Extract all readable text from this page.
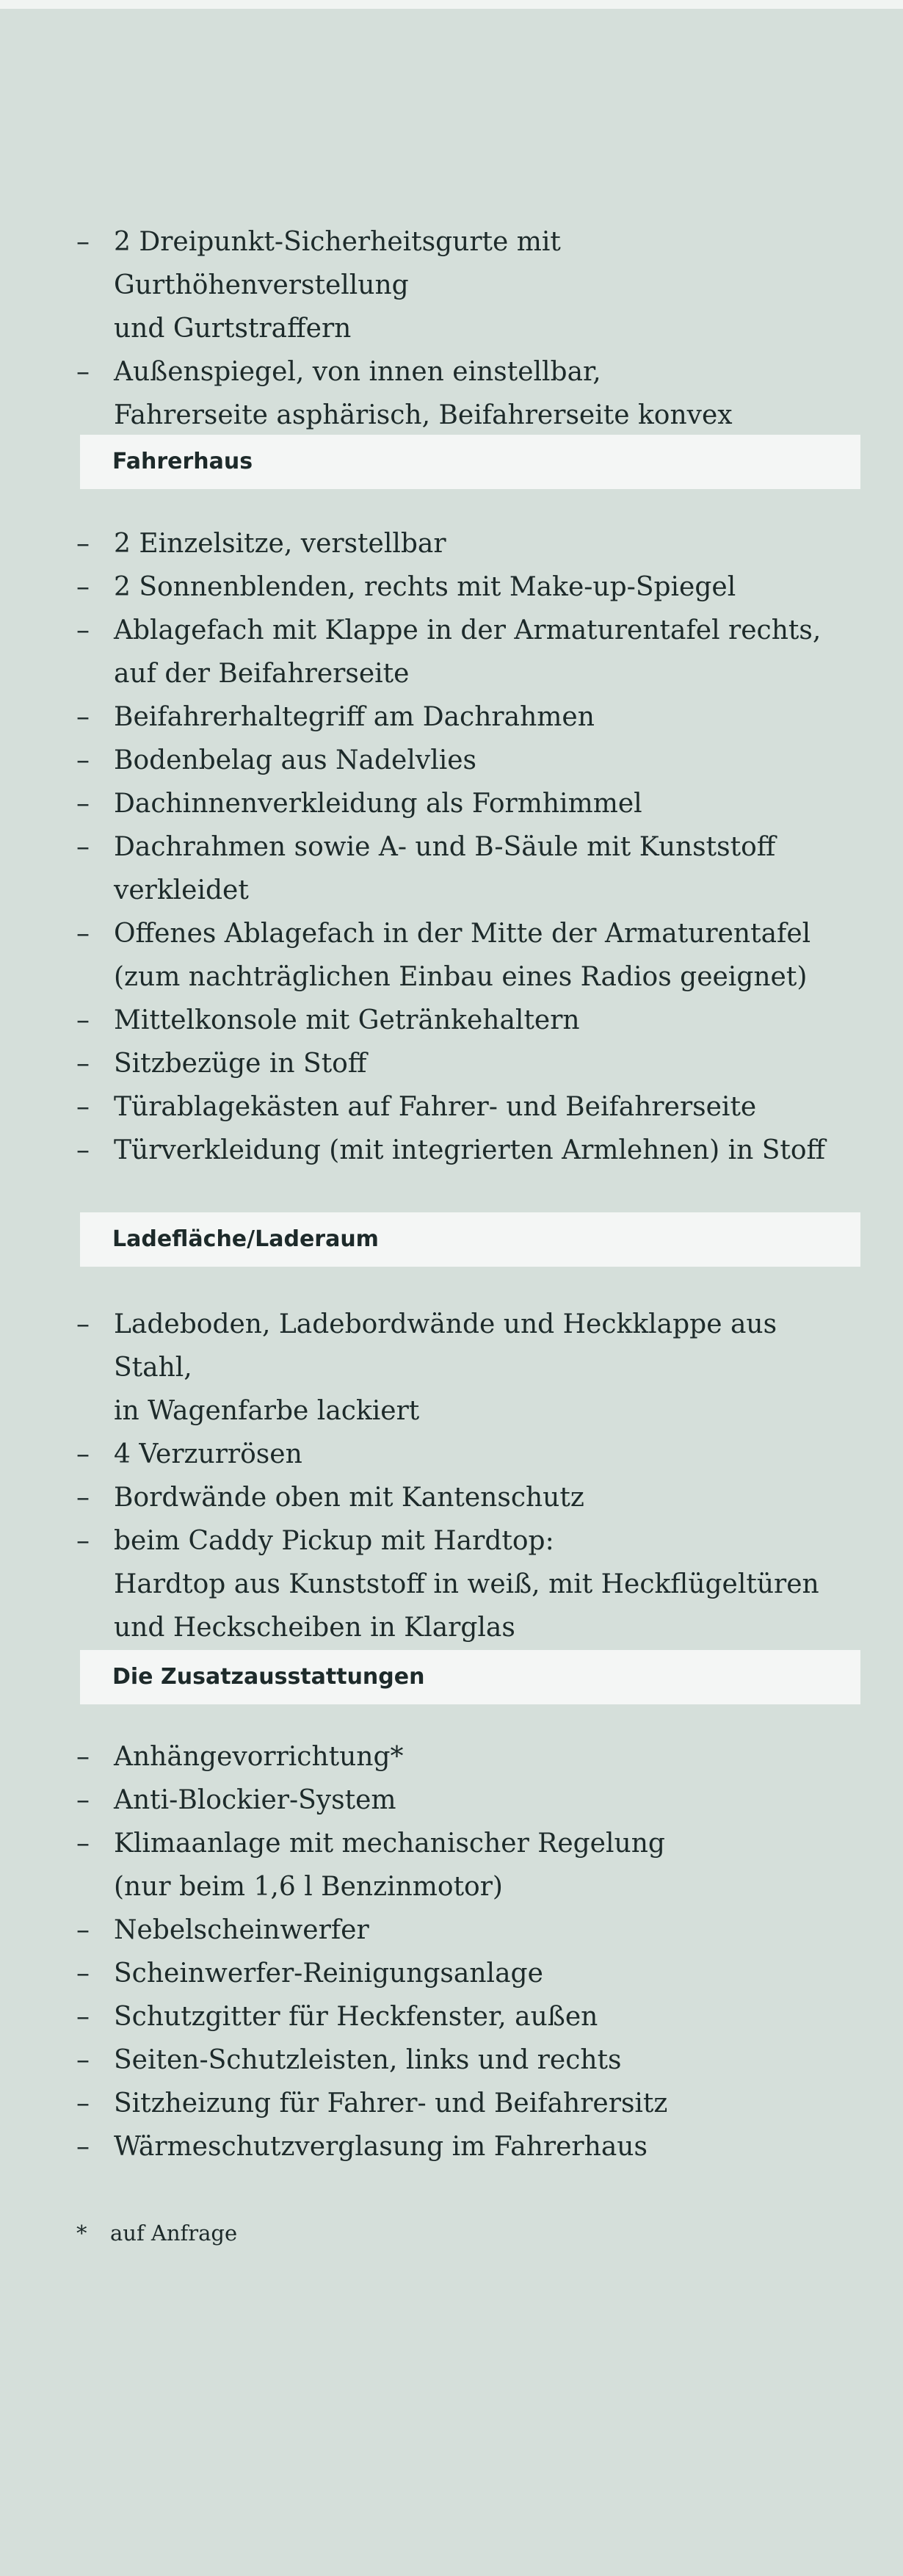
– 2 Dreipunkt-Sicherheitsgurte mit Gurthöhenverstellung
und Gurtstraffern
– Außenspiegel, von innen einstellbar,
Fahrerseite asphärisch, Beifahrerseite konvex
Fahrerhaus
– 2 Einzelsitze, verstellbar
– 2 Sonnenblenden, rechts mit Make-up-Spiegel
– Ablagefach mit Klappe in der Armaturentafel rechts,
auf der Beifahrerseite
– Beifahrerhaltegriff am Dachrahmen
– Bodenbelag aus Nadelvlies
– Dachinnenverkleidung als Formhimmel
– Dachrahmen sowie A- und B-Säule mit Kunststoff
verkleidet
– Offenes Ablagefach in der Mitte der Armaturentafel
(zum nachträglichen Einbau eines Radios geeignet)
– Mittelkonsole mit Getränkehaltern
– Sitzbezüge in Stoff
– Türablagekästen auf Fahrer- und Beifahrerseite
– Türverkleidung (mit integrierten Armlehnen) in Stoff
Ladefläche/Laderaum
– Ladeboden, Ladebordwände und Heckklappe aus Stahl,
in Wagenfarbe lackiert
– 4 Verzurrösen
– Bordwände oben mit Kantenschutz
– beim Caddy Pickup mit Hardtop:
Hardtop aus Kunststoff in weiß, mit Heckflügeltüren
und Heckscheiben in Klarglas
Die Zusatzausstattungen
– Anhängevorrichtung*
– Anti-Blockier-System
– Klimaanlage mit mechanischer Regelung
(nur beim 1,6 l Benzinmotor)
– Nebelscheinwerfer
– Scheinwerfer-Reinigungsanlage
– Schutzgitter für Heckfenster, außen
– Seiten-Schutzleisten, links und rechts
– Sitzheizung für Fahrer- und Beifahrersitz
– Wärmeschutzverglasung im Fahrerhaus
* auf Anfrage
